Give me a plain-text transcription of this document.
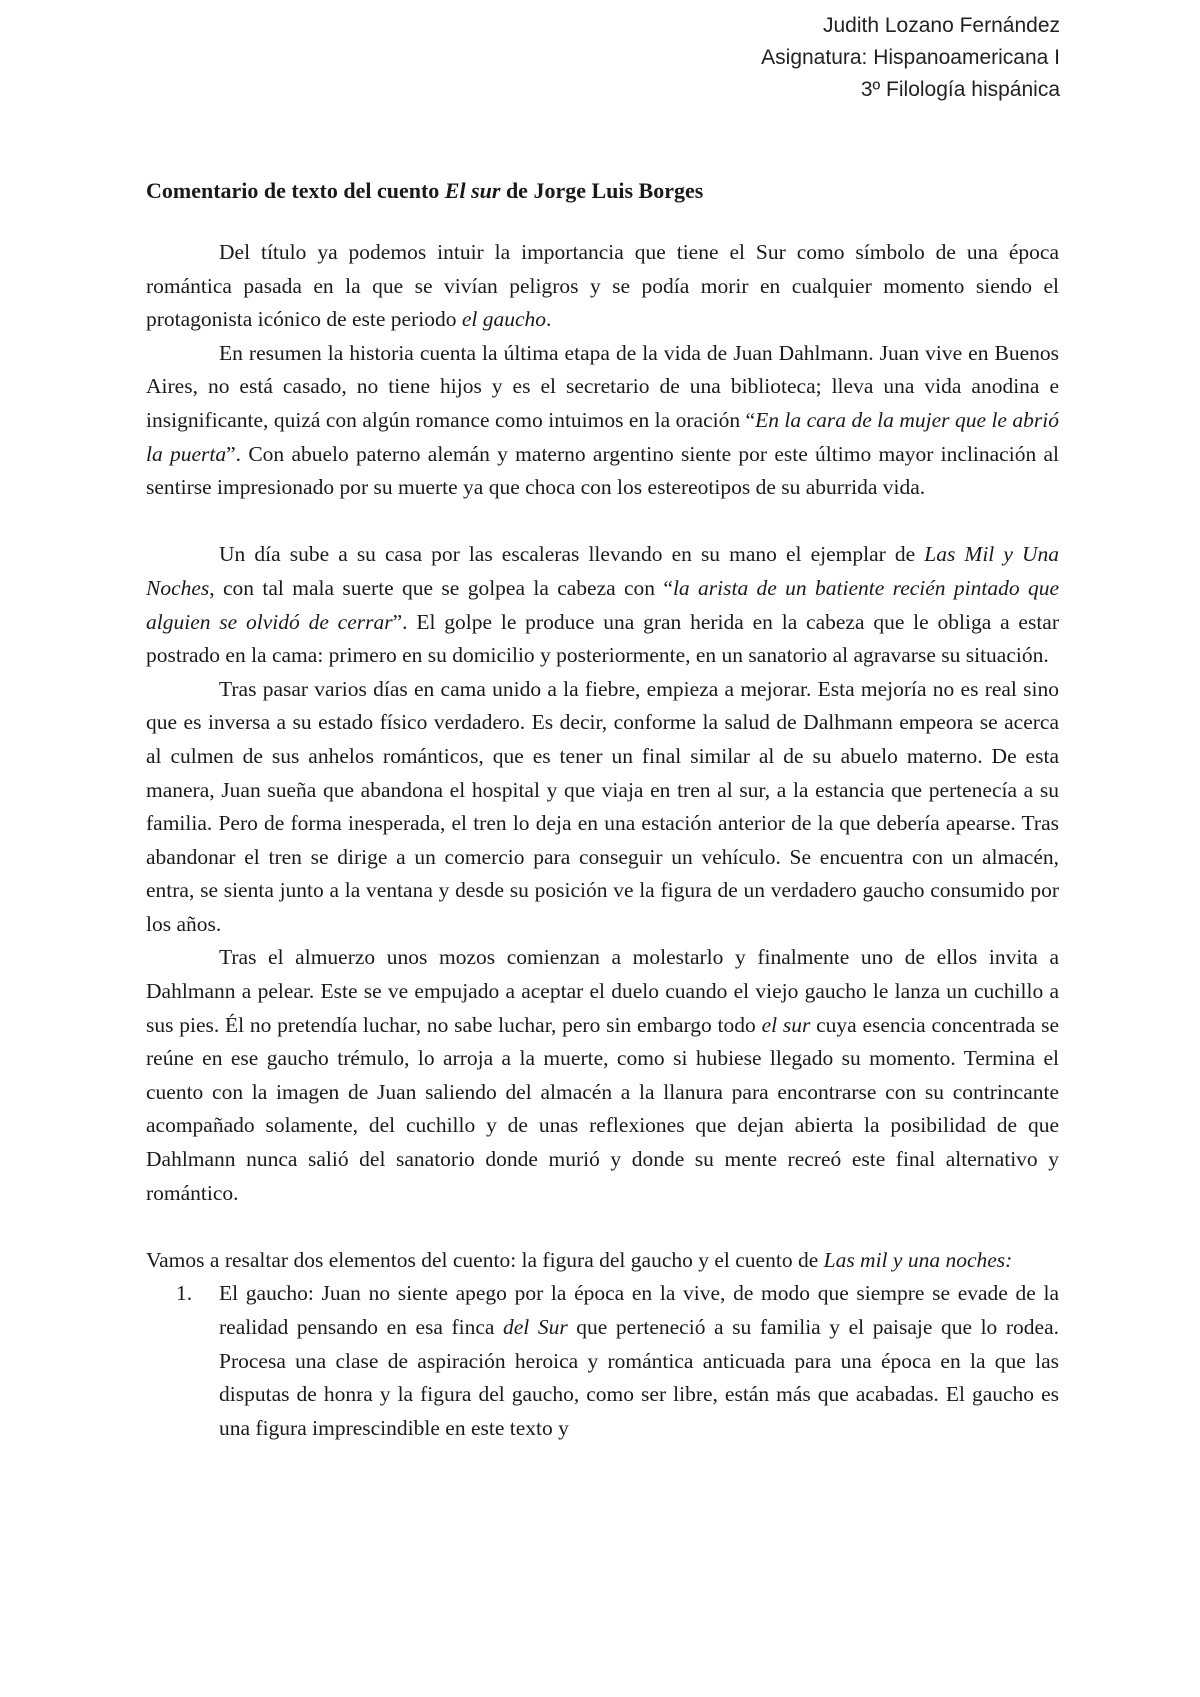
Judith Lozano Fernández
Asignatura: Hispanoamericana I
3º Filología hispánica
Comentario de texto del cuento El sur de Jorge Luis Borges

Del título ya podemos intuir la importancia que tiene el Sur como símbolo de una época romántica pasada en la que se vivían peligros y se podía morir en cualquier momento siendo el protagonista icónico de este periodo el gaucho.

En resumen la historia cuenta la última etapa de la vida de Juan Dahlmann. Juan vive en Buenos Aires, no está casado, no tiene hijos y es el secretario de una biblioteca; lleva una vida anodina e insignificante, quizá con algún romance como intuimos en la oración “En la cara de la mujer que le abrió la puerta”. Con abuelo paterno alemán y materno argentino siente por este último mayor inclinación al sentirse impresionado por su muerte ya que choca con los estereotipos de su aburrida vida.

Un día sube a su casa por las escaleras llevando en su mano el ejemplar de Las Mil y Una Noches, con tal mala suerte que se golpea la cabeza con “la arista de un batiente recién pintado que alguien se olvidó de cerrar”. El golpe le produce una gran herida en la cabeza que le obliga a estar postrado en la cama: primero en su domicilio y posteriormente, en un sanatorio al agravarse su situación.

Tras pasar varios días en cama unido a la fiebre, empieza a mejorar. Esta mejoría no es real sino que es inversa a su estado físico verdadero. Es decir, conforme la salud de Dalhmann empeora se acerca al culmen de sus anhelos románticos, que es tener un final similar al de su abuelo materno. De esta manera, Juan sueña que abandona el hospital y que viaja en tren al sur, a la estancia que pertenecía a su familia. Pero de forma inesperada, el tren lo deja en una estación anterior de la que debería apearse. Tras abandonar el tren se dirige a un comercio para conseguir un vehículo. Se encuentra con un almacén, entra, se sienta junto a la ventana y desde su posición ve la figura de un verdadero gaucho consumido por los años.

Tras el almuerzo unos mozos comienzan a molestarlo y finalmente uno de ellos invita a Dahlmann a pelear. Este se ve empujado a aceptar el duelo cuando el viejo gaucho le lanza un cuchillo a sus pies. Él no pretendía luchar, no sabe luchar, pero sin embargo todo el sur cuya esencia concentrada se reúne en ese gaucho trémulo, lo arroja a la muerte, como si hubiese llegado su momento. Termina el cuento con la imagen de Juan saliendo del almacén a la llanura para encontrarse con su contrincante acompañado solamente, del cuchillo y de unas reflexiones que dejan abierta la posibilidad de que Dahlmann nunca salió del sanatorio donde murió y donde su mente recreó este final alternativo y romántico.

Vamos a resaltar dos elementos del cuento: la figura del gaucho y el cuento de Las mil y una noches:

1. El gaucho: Juan no siente apego por la época en la vive, de modo que siempre se evade de la realidad pensando en esa finca del Sur que perteneció a su familia y el paisaje que lo rodea. Procesa una clase de aspiración heroica y romántica anticuada para una época en la que las disputas de honra y la figura del gaucho, como ser libre, están más que acabadas. El gaucho es una figura imprescindible en este texto y
